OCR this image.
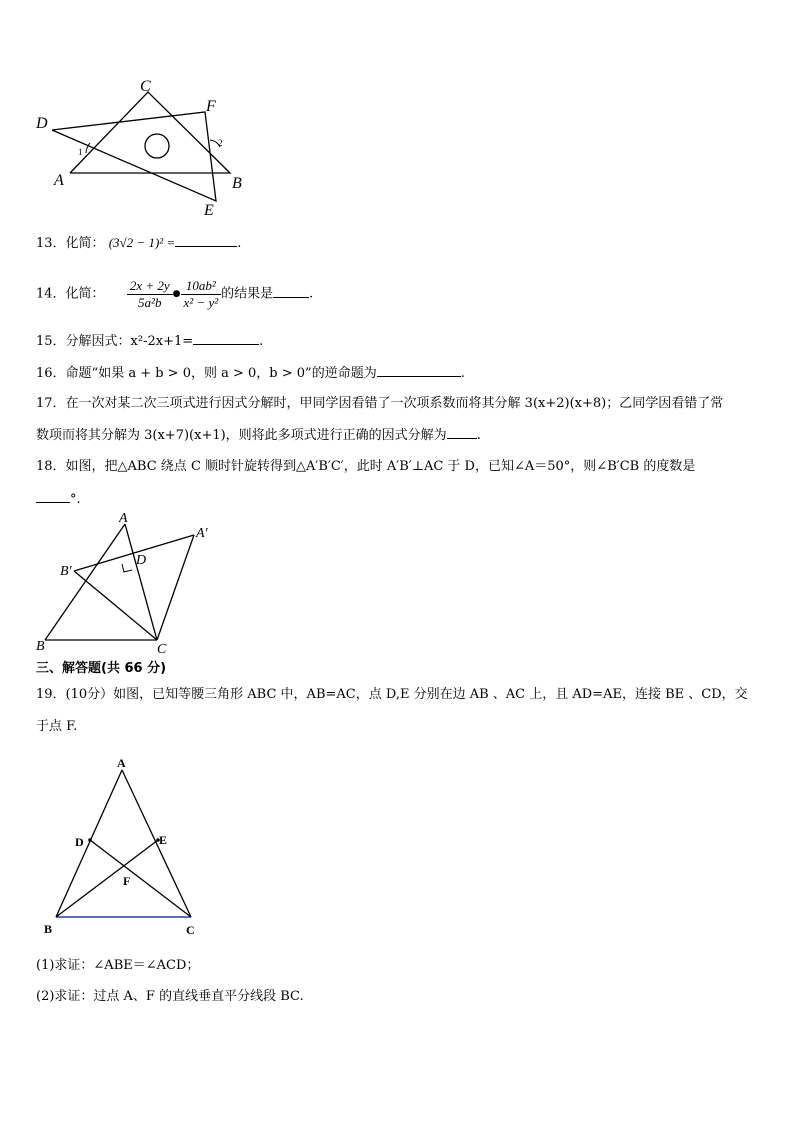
C
F
D
A	B
E
1
2
13．化简： (3√2 − 1)² =	.
14．化简： $\frac{2x + 2y}{\text{5a²b}}$ ● $\frac{\text{10ab²}}{\text{x² − y²}}$ 的结果是	.
15．分解因式：x²-2x+1=	.
16．命题“如果 a + b > 0，则 a > 0，b > 0”的逆命题为	.
17．在一次对某二次三项式进行因式分解时，甲同学因看错了一次项系数而将其分解 3(x+2)(x+8)；乙同学因看错了常
数项而将其分解为 3(x+7)(x+1)，则将此多项式进行正确的因式分解为 .
18．如图，把△ABC 绕点 C 顺时针旋转得到△A′B′C′，此时 A′B′⊥AC 于 D，已知∠A＝50°，则∠B′CB 的度数是
°.
A
A′
B′
D
B	C
三、解答题(共 66 分)
19．(10分）如图，已知等腰三角形 ABC 中，AB=AC，点 D,E 分别在边 AB 、AC 上，且 AD=AE，连接 BE 、CD，交
于点 F.
A
D	E
F
B	C
(1)求证：∠ABE＝∠ACD；
(2)求证：过点 A、F 的直线垂直平分线段 BC.
